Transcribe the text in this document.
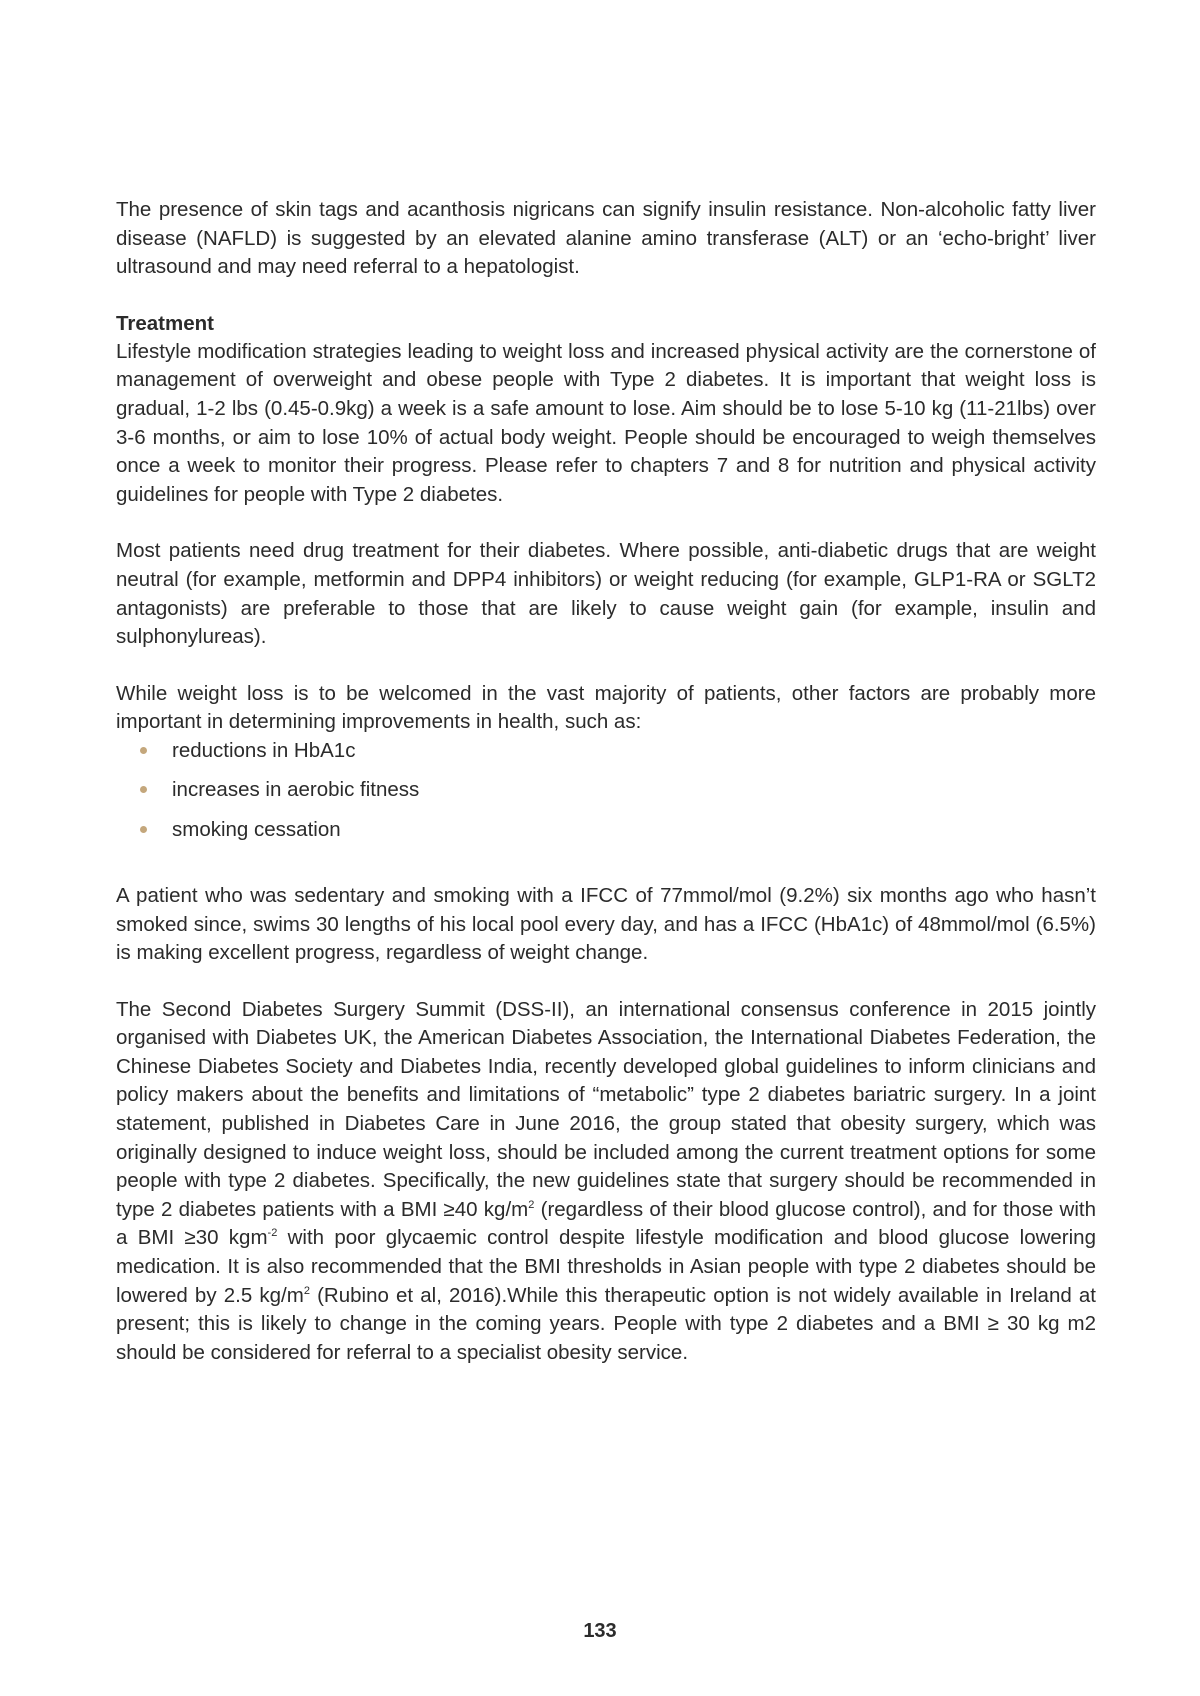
The presence of skin tags and acanthosis nigricans can signify insulin resistance. Non-alcoholic fatty liver disease (NAFLD) is suggested by an elevated alanine amino transferase (ALT) or an ‘echo-bright’ liver ultrasound and may need referral to a hepatologist.

Treatment

Lifestyle modification strategies leading to weight loss and increased physical activity are the cornerstone of management of overweight and obese people with Type 2 diabetes. It is important that weight loss is gradual, 1-2 lbs (0.45-0.9kg) a week is a safe amount to lose. Aim should be to lose 5-10 kg (11-21lbs) over 3-6 months, or aim to lose 10% of actual body weight. People should be encouraged to weigh themselves once a week to monitor their progress. Please refer to chapters 7 and 8 for nutrition and physical activity guidelines for people with Type 2 diabetes.

Most patients need drug treatment for their diabetes. Where possible, anti-diabetic drugs that are weight neutral (for example, metformin and DPP4 inhibitors) or weight reducing (for example, GLP1-RA or SGLT2 antagonists) are preferable to those that are likely to cause weight gain (for example, insulin and sulphonylureas).

While weight loss is to be welcomed in the vast majority of patients, other factors are probably more important in determining improvements in health, such as:

reductions in HbA1c
increases in aerobic fitness
smoking cessation

A patient who was sedentary and smoking with a IFCC of 77mmol/mol (9.2%) six months ago who hasn’t smoked since, swims 30 lengths of his local pool every day, and has a IFCC (HbA1c) of 48mmol/mol (6.5%) is making excellent progress, regardless of weight change.

The Second Diabetes Surgery Summit (DSS-II), an international consensus conference in 2015 jointly organised with Diabetes UK, the American Diabetes Association, the International Diabetes Federation, the Chinese Diabetes Society and Diabetes India, recently developed global guidelines to inform clinicians and policy makers about the benefits and limitations of “metabolic” type 2 diabetes bariatric surgery. In a joint statement, published in Diabetes Care in June 2016, the group stated that obesity surgery, which was originally designed to induce weight loss, should be included among the current treatment options for some people with type 2 diabetes. Specifically, the new guidelines state that surgery should be recommended in type 2 diabetes patients with a BMI ≥40 $kg/m^2$ (regardless of their blood glucose control), and for those with a BMI ≥30 kgm$^{-2}$ with poor glycaemic control despite lifestyle modification and blood glucose lowering medication. It is also recommended that the BMI thresholds in Asian people with type 2 diabetes should be lowered by 2.5 $kg/m^2$ (Rubino et al, 2016).While this therapeutic option is not widely available in Ireland at present; this is likely to change in the coming years. People with type 2 diabetes and a BMI ≥ 30 kg m2 should be considered for referral to a specialist obesity service.

133
